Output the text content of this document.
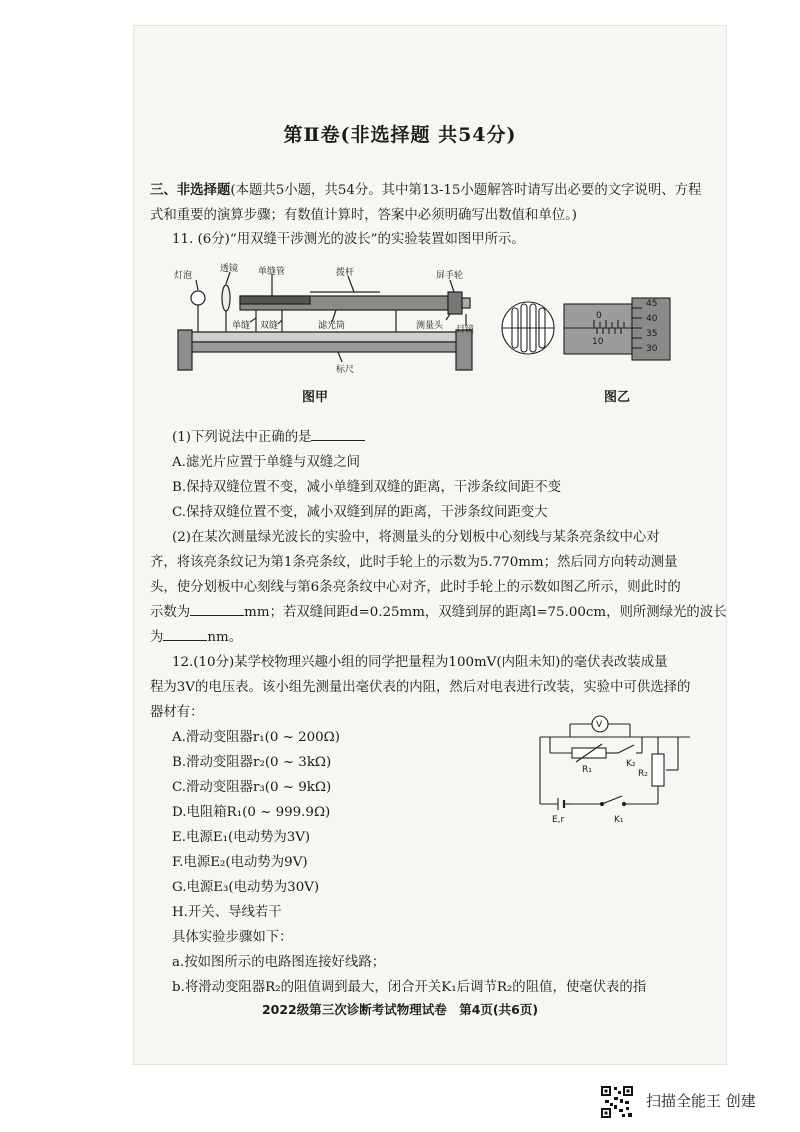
第Ⅱ卷(非选择题 共54分)
三、非选择题(本题共5小题，共54分。其中第13-15小题解答时请写出必要的文字说明、方程式和重要的演算步骤；有数值计算时，答案中必须明确写出数值和单位。)
11. (6分)“用双缝干涉测光的波长”的实验装置如图甲所示。
灯泡
透镜 单缝管	拨杆	屏手轮
单缝 双缝	滤光筒	测量头 目镜
标尺
图甲
0
10
45
40
35
30
图乙
(1)下列说法中正确的是
A.滤光片应置于单缝与双缝之间
B.保持双缝位置不变，减小单缝到双缝的距离，干涉条纹间距不变
C.保持双缝位置不变，减小双缝到屏的距离，干涉条纹间距变大
(2)在某次测量绿光波长的实验中，将测量头的分划板中心刻线与某条亮条纹中心对
齐，将该亮条纹记为第1条亮条纹，此时手轮上的示数为5.770mm；然后同方向转动测量
头，使分划板中心刻线与第6条亮条纹中心对齐，此时手轮上的示数如图乙所示，则此时的
示数为	mm；若双缝间距d=0.25mm，双缝到屏的距离l=75.00cm，则所测绿光的波长
为	nm。
12.(10分)某学校物理兴趣小组的同学把量程为100mV(内阻未知)的毫伏表改装成量
程为3V的电压表。该小组先测量出毫伏表的内阻，然后对电表进行改装，实验中可供选择的
器材有：
A.滑动变阻器r₁(0 ~ 200Ω)
B.滑动变阻器r₂(0 ~ 3kΩ)
C.滑动变阻器r₃(0 ~ 9kΩ)
D.电阻箱R₁(0 ~ 999.9Ω)
E.电源E₁(电动势为3V)
F.电源E₂(电动势为9V)
G.电源E₃(电动势为30V)
H.开关、导线若干
具体实验步骤如下：
a.按如图所示的电路图连接好线路；
b.将滑动变阻器R₂的阻值调到最大，闭合开关K₁后调节R₂的阻值，使毫伏表的指
V
R₁
K₂
R₂
E,r	K₁
2022级第三次诊断考试物理试卷　第4页(共6页)
扫描全能王 创建
